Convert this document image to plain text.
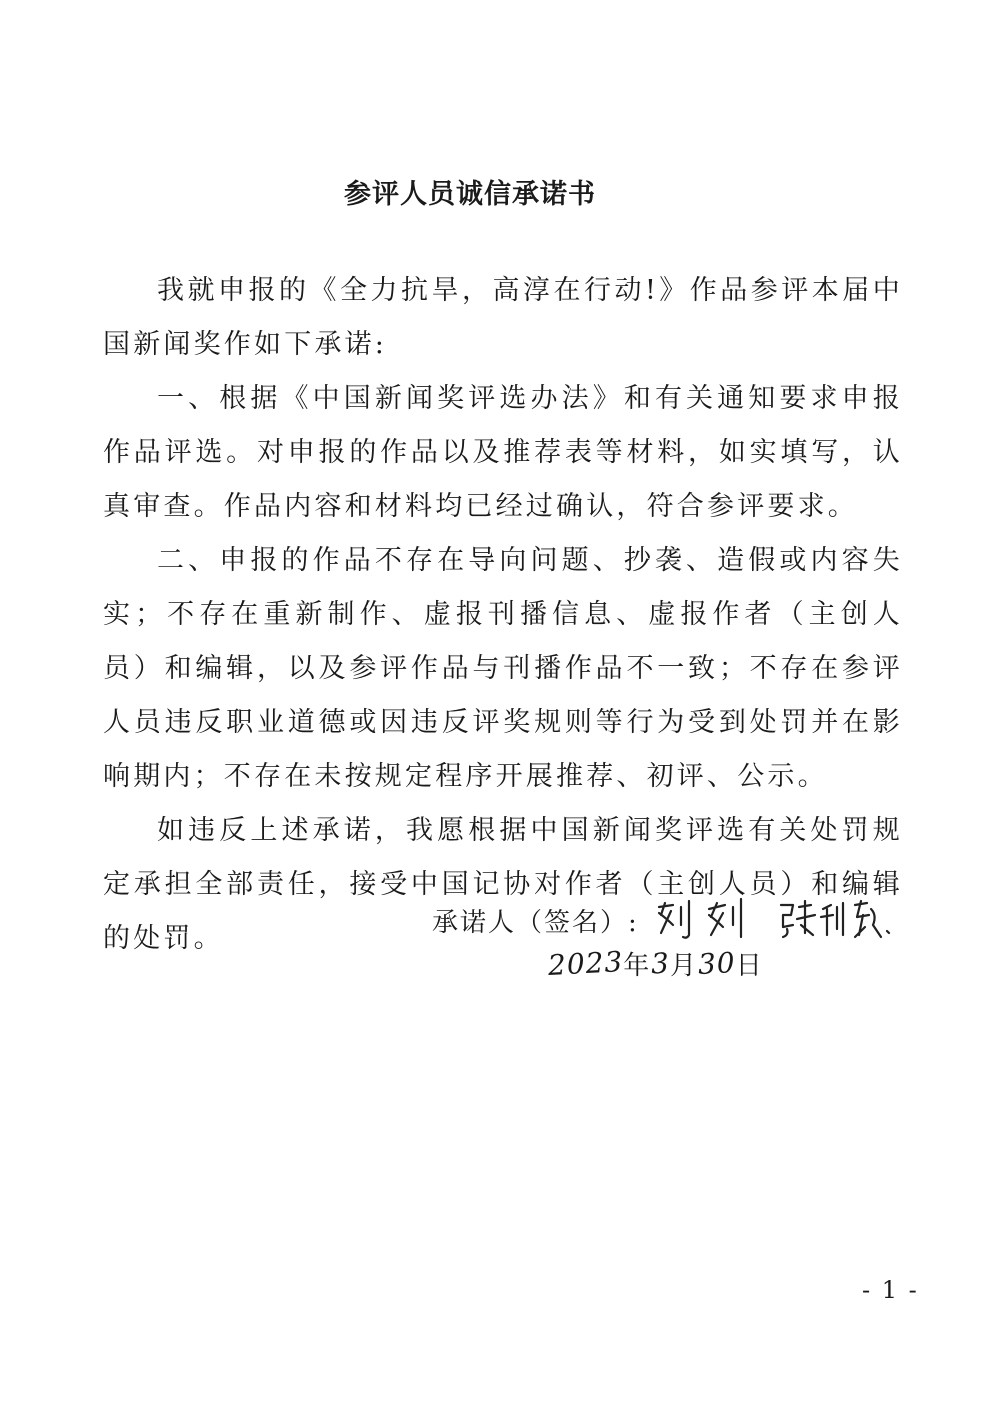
参评人员诚信承诺书

我就申报的《全力抗旱，高淳在行动!》作品参评本届中国新闻奖作如下承诺:

一、根据《中国新闻奖评选办法》和有关通知要求申报作品评选。对申报的作品以及推荐表等材料，如实填写，认真审查。作品内容和材料均已经过确认，符合参评要求。

二、申报的作品不存在导向问题、抄袭、造假或内容失实；不存在重新制作、虚报刊播信息、虚报作者（主创人员）和编辑，以及参评作品与刊播作品不一致；不存在参评人员违反职业道德或因违反评奖规则等行为受到处罚并在影响期内；不存在未按规定程序开展推荐、初评、公示。

如违反上述承诺，我愿根据中国新闻奖评选有关处罚规定承担全部责任，接受中国记协对作者（主创人员）和编辑的处罚。

承诺人（签名）:
2023 年 3 月 30 日
- 1 -
